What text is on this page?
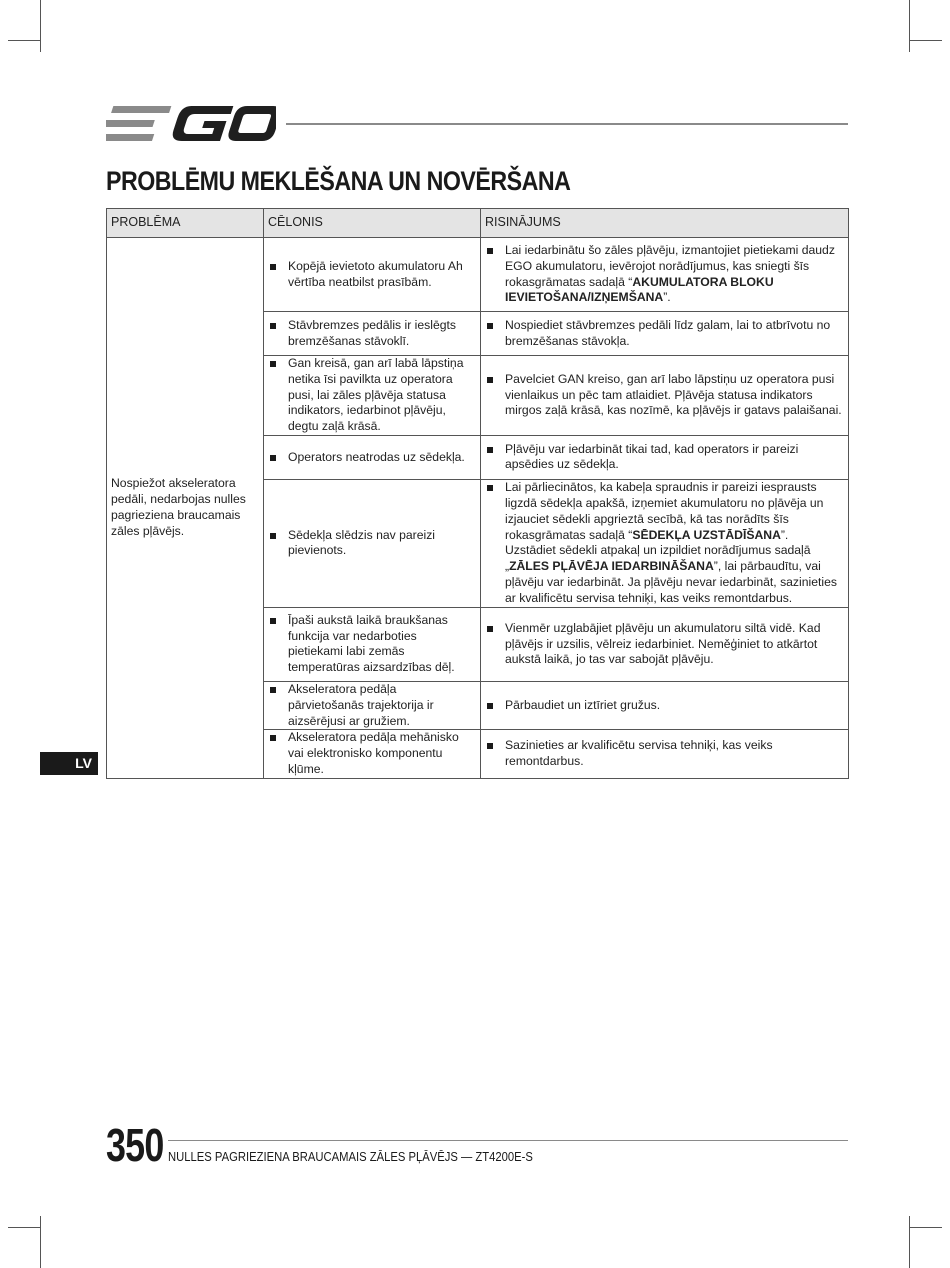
PROBLĒMU MEKLĒŠANA UN NOVĒRŠANA
PROBLĒMA	CĒLONIS	RISINĀJUMS

Nospiežot akseleratora pedāli, nedarbojas nulles pagrieziena braucamais zāles pļāvējs.	Kopējā ievietoto akumulatoru Ah vērtība neatbilst prasībām.	Lai iedarbinātu šo zāles pļāvēju, izmantojiet pietiekami daudz EGO akumulatoru, ievērojot norādījumus, kas sniegti šīs rokasgrāmatas sadaļā “AKUMULATORA BLOKU IEVIETOŠANA/IZŅEMŠANA”.

	Stāvbremzes pedālis ir ieslēgts bremzēšanas stāvoklī.	Nospiediet stāvbremzes pedāli līdz galam, lai to atbrīvotu no bremzēšanas stāvokļa.

	Gan kreisā, gan arī labā lāpstiņa netika īsi pavilkta uz operatora pusi, lai zāles pļāvēja statusa indikators, iedarbinot pļāvēju, degtu zaļā krāsā.	Pavelciet GAN kreiso, gan arī labo lāpstiņu uz operatora pusi vienlaikus un pēc tam atlaidiet. Pļāvēja statusa indikators mirgos zaļā krāsā, kas nozīmē, ka pļāvējs ir gatavs palaišanai.

	Operators neatrodas uz sēdekļa.	Pļāvēju var iedarbināt tikai tad, kad operators ir pareizi apsēdies uz sēdekļa.

	Sēdekļa slēdzis nav pareizi pievienots.	Lai pārliecinātos, ka kabeļa spraudnis ir pareizi iesprausts ligzdā sēdekļa apakšā, izņemiet akumulatoru no pļāvēja un izjauciet sēdekli apgrieztā secībā, kā tas norādīts šīs rokasgrāmatas sadaļā “SĒDEKĻA UZSTĀDĪŠANA”. Uzstādiet sēdekli atpakaļ un izpildiet norādījumus sadaļā „ZĀLES PĻĀVĒJA IEDARBINĀŠANA”, lai pārbaudītu, vai pļāvēju var iedarbināt. Ja pļāvēju nevar iedarbināt, sazinieties ar kvalificētu servisa tehniķi, kas veiks remontdarbus.

	Īpaši aukstā laikā braukšanas funkcija var nedarboties pietiekami labi zemās temperatūras aizsardzības dēļ.	Vienmēr uzglabājiet pļāvēju un akumulatoru siltā vidē. Kad pļāvējs ir uzsilis, vēlreiz iedarbiniet. Neměģiniet to atkārtot aukstā laikā, jo tas var sabojāt pļāvēju.

	Akseleratora pedāļa pārvietošanās trajektorija ir aizsērējusi ar gružiem.	Pārbaudiet un iztīriet gružus.

	Akseleratora pedāļa mehānisko vai elektronisko komponentu kļūme.	Sazinieties ar kvalificētu servisa tehniķi, kas veiks remontdarbus.
LV
350 NULLES PAGRIEZIENA BRAUCAMAIS ZĀLES PĻĀVĒJS — ZT4200E-S
